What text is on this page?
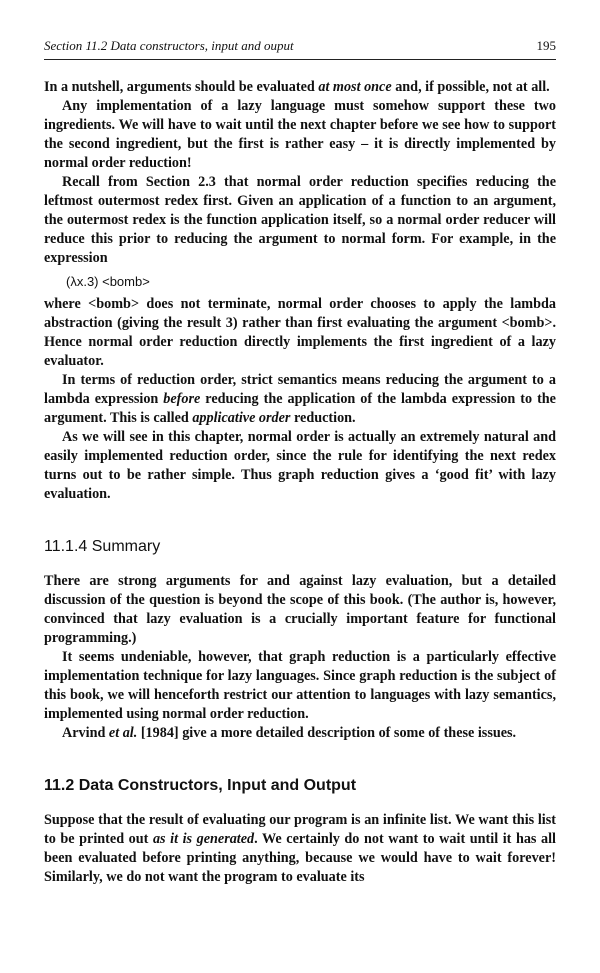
Section 11.2 Data constructors, input and ouput	195

In a nutshell, arguments should be evaluated at most once and, if possible, not at all.

Any implementation of a lazy language must somehow support these two ingredients. We will have to wait until the next chapter before we see how to support the second ingredient, but the first is rather easy – it is directly implemented by normal order reduction!

Recall from Section 2.3 that normal order reduction specifies reducing the leftmost outermost redex first. Given an application of a function to an argument, the outermost redex is the function application itself, so a normal order reducer will reduce this prior to reducing the argument to normal form. For example, in the expression

(λx.3) <bomb>

where <bomb> does not terminate, normal order chooses to apply the lambda abstraction (giving the result 3) rather than first evaluating the argument <bomb>. Hence normal order reduction directly implements the first ingredient of a lazy evaluator.

In terms of reduction order, strict semantics means reducing the argument to a lambda expression before reducing the application of the lambda expression to the argument. This is called applicative order reduction.

As we will see in this chapter, normal order is actually an extremely natural and easily implemented reduction order, since the rule for identifying the next redex turns out to be rather simple. Thus graph reduction gives a ‘good fit’ with lazy evaluation.

11.1.4 Summary

There are strong arguments for and against lazy evaluation, but a detailed discussion of the question is beyond the scope of this book. (The author is, however, convinced that lazy evaluation is a crucially important feature for functional programming.)

It seems undeniable, however, that graph reduction is a particularly effective implementation technique for lazy languages. Since graph reduction is the subject of this book, we will henceforth restrict our attention to languages with lazy semantics, implemented using normal order reduction.

Arvind et al. [1984] give a more detailed description of some of these issues.

11.2 Data Constructors, Input and Output

Suppose that the result of evaluating our program is an infinite list. We want this list to be printed out as it is generated. We certainly do not want to wait until it has all been evaluated before printing anything, because we would have to wait forever! Similarly, we do not want the program to evaluate its
